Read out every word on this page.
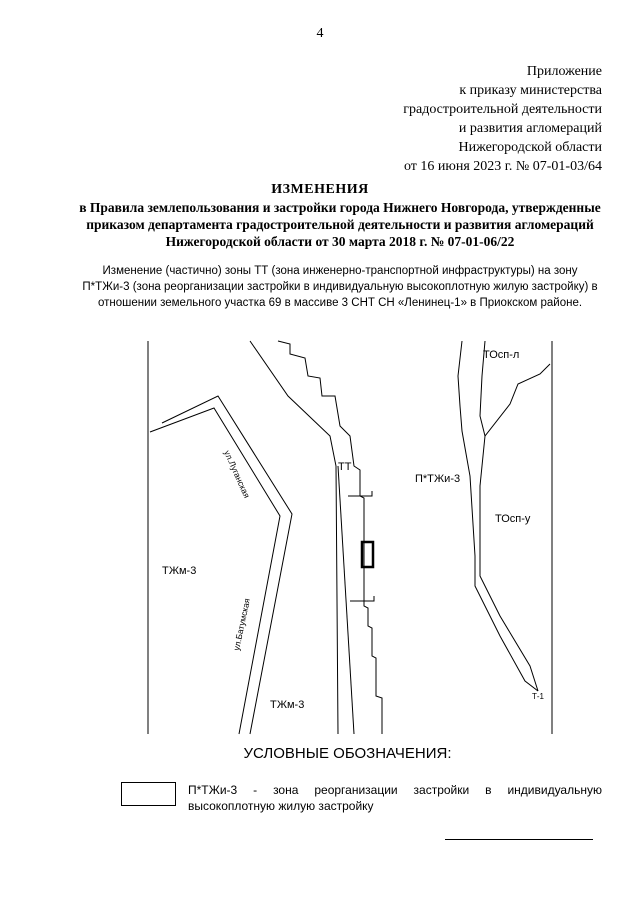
4
Приложение
к приказу министерства
градостроительной деятельности
и развития агломераций
Нижегородской области
от 16 июня 2023 г. № 07-01-03/64
ИЗМЕНЕНИЯ
в Правила землепользования и застройки города Нижнего Новгорода, утвержденные приказом департамента градостроительной деятельности и развития агломераций Нижегородской области от 30 марта 2018 г. № 07-01-06/22
Изменение (частично) зоны ТТ (зона инженерно-транспортной инфраструктуры) на зону П*ТЖи-3 (зона реорганизации застройки в индивидуальную высокоплотную жилую застройку) в отношении земельного участка 69 в массиве 3 СНТ СН «Ленинец-1» в Приокском районе.
ТТ
П*ТЖи-3
ТОсп-л
ТОсп-у
ТЖм-3
ТЖм-3
Т-1
ул.Луганская
ул.Батумская
УСЛОВНЫЕ ОБОЗНАЧЕНИЯ:
П*ТЖи-3 - зона реорганизации застройки в индивидуальную высокоплотную жилую застройку
